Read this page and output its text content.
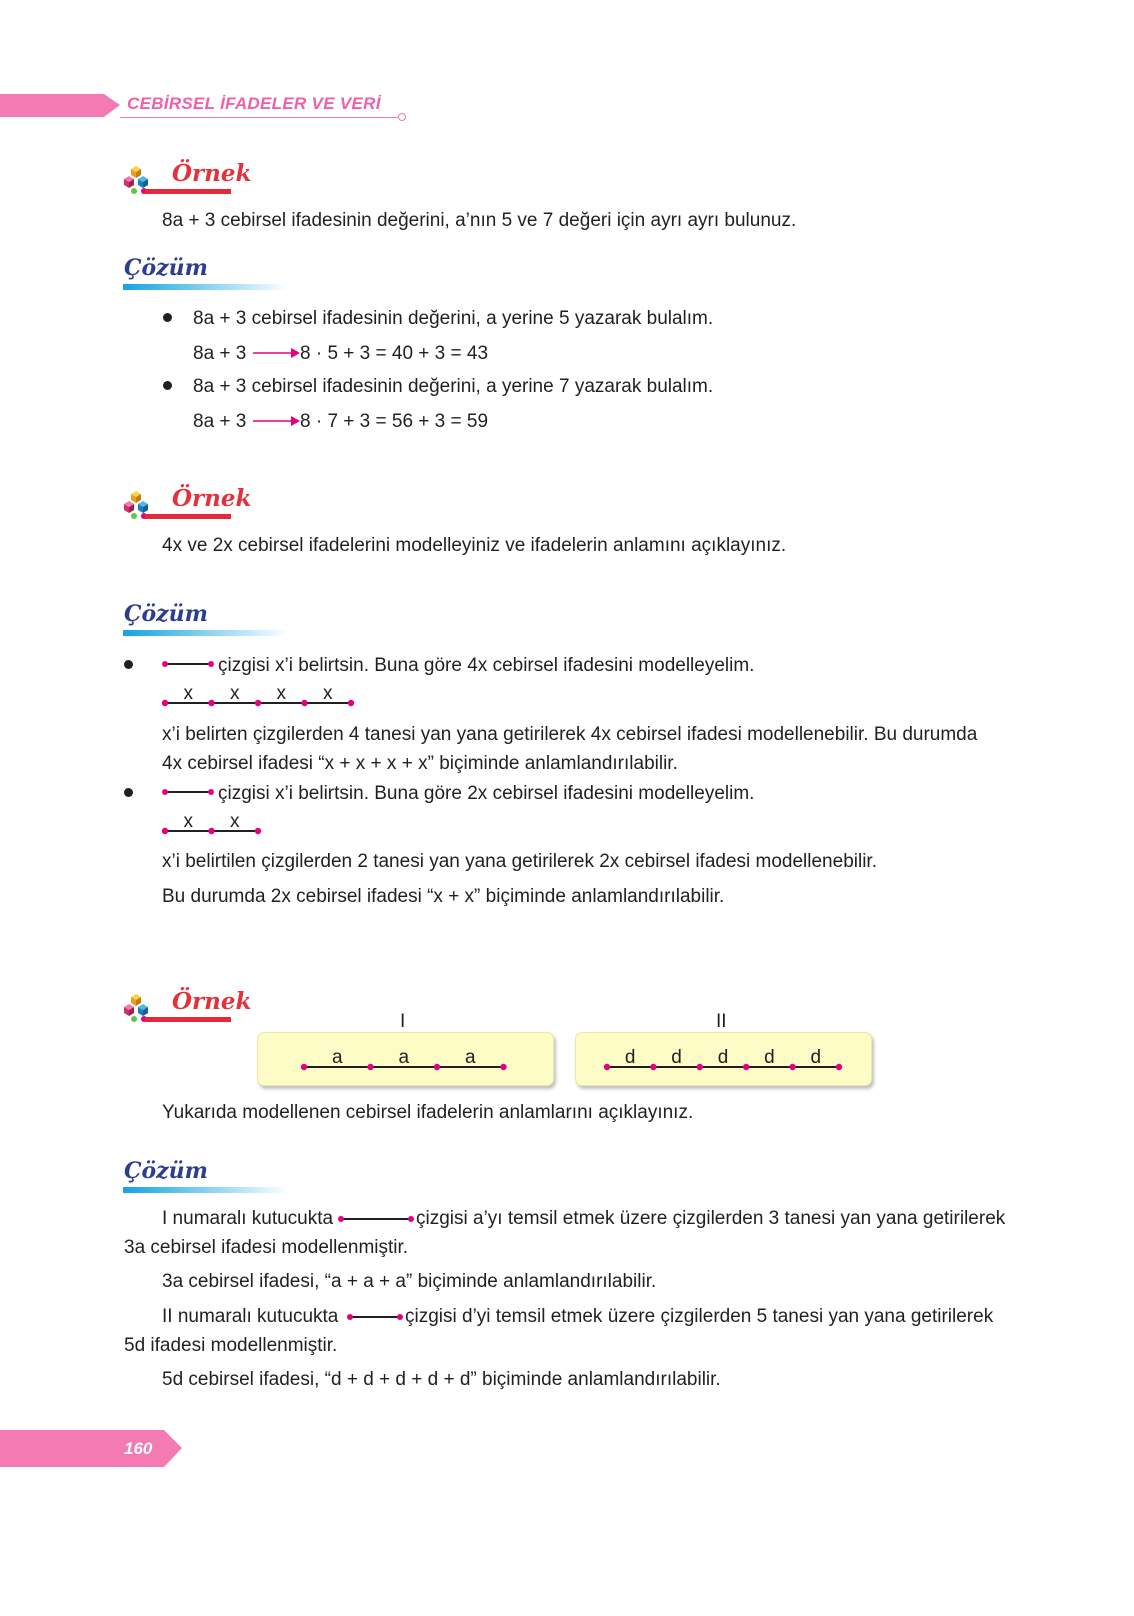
CEBİRSEL İFADELER VE VERİ
Örnek
8a + 3 cebirsel ifadesinin değerini, a’nın 5 ve 7 değeri için ayrı ayrı bulunuz.
Çözüm
8a + 3 cebirsel ifadesinin değerini, a yerine 5 yazarak bulalım.
8a + 3	8 · 5 + 3 = 40 + 3 = 43
8a + 3 cebirsel ifadesinin değerini, a yerine 7 yazarak bulalım.
8a + 3	8 · 7 + 3 = 56 + 3 = 59
Örnek
4x ve 2x cebirsel ifadelerini modelleyiniz ve ifadelerin anlamını açıklayınız.
Çözüm
çizgisi x’i belirtsin. Buna göre 4x cebirsel ifadesini modelleyelim.
x x x x
x’i belirten çizgilerden 4 tanesi yan yana getirilerek 4x cebirsel ifadesi modellenebilir. Bu durumda
4x cebirsel ifadesi “x + x + x + x” biçiminde anlamlandırılabilir.
çizgisi x’i belirtsin. Buna göre 2x cebirsel ifadesini modelleyelim.
x x
x’i belirtilen çizgilerden 2 tanesi yan yana getirilerek 2x cebirsel ifadesi modellenebilir.
Bu durumda 2x cebirsel ifadesi “x + x” biçiminde anlamlandırılabilir.
Örnek
I
a	a	a
II
d d d d d
Yukarıda modellenen cebirsel ifadelerin anlamlarını açıklayınız.
Çözüm
I numaralı kutucukta	çizgisi a’yı temsil etmek üzere çizgilerden 3 tanesi yan yana getirilerek
3a cebirsel ifadesi modellenmiştir.
3a cebirsel ifadesi, “a + a + a” biçiminde anlamlandırılabilir.
II numaralı kutucukta	çizgisi d’yi temsil etmek üzere çizgilerden 5 tanesi yan yana getirilerek
5d ifadesi modellenmiştir.
5d cebirsel ifadesi, “d + d + d + d + d” biçiminde anlamlandırılabilir.
160
